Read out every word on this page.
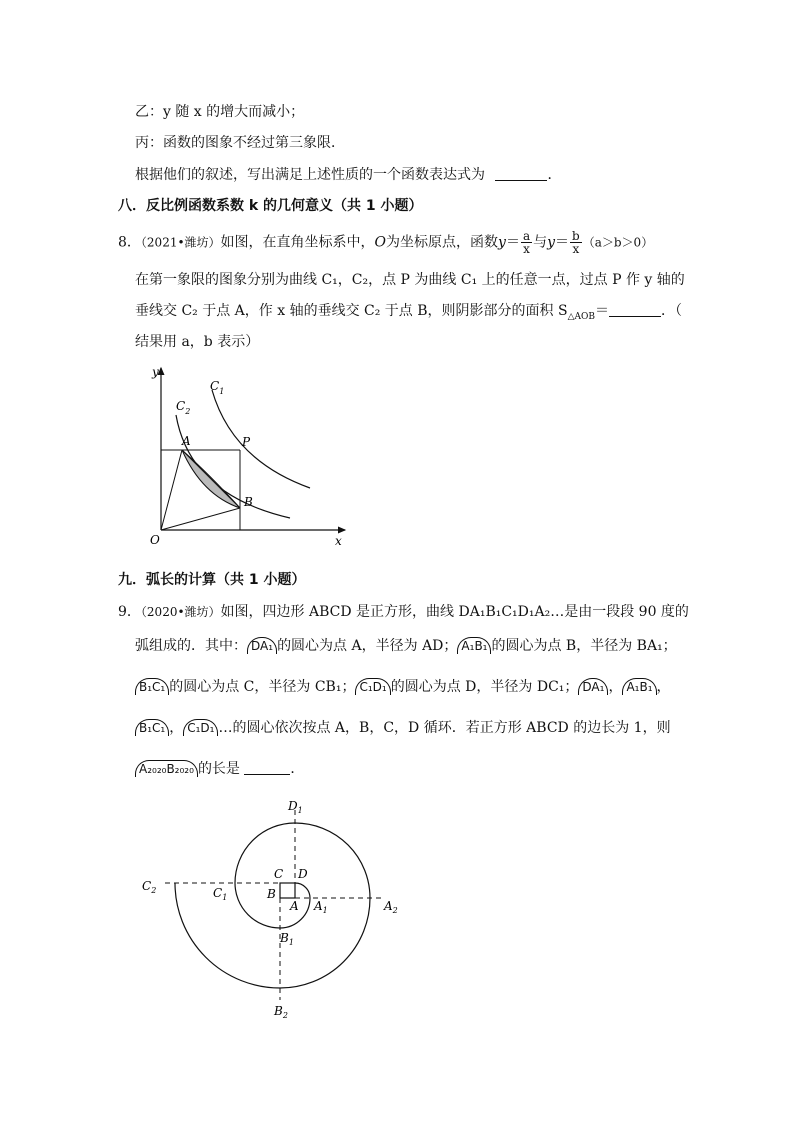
乙：y 随 x 的增大而减小；
丙：函数的图象不经过第三象限．
根据他们的叙述，写出满足上述性质的一个函数表达式为	．
八．反比例函数系数 k 的几何意义（共 1 小题）
8．（2021•潍坊）如图，在直角坐标系中，O为坐标原点，函数$y= \frac{a}{x}$ 与$y= \frac{b}{x} (a>b>0)$
在第一象限的图象分别为曲线 C₁，C₂，点 P 为曲线 C₁ 上的任意一点，过点 P 作 y 轴的
垂线交 C₂ 于点 A，作 x 轴的垂线交 C₂ 于点 B，则阴影部分的面积 $S_{\triangle AOB}=$	．（
结果用 a，b 表示）
y
x
O
A
B
P
$C_1$
$C_2$
九．弧长的计算（共 1 小题）
9．（2020•潍坊）如图，四边形 ABCD 是正方形，曲线 DA₁B₁C₁D₁A₂…是由一段段 90 度的
弧组成的．其中： DA₁ 的圆心为点 A，半径为 AD； A₁B₁ 的圆心为点 B，半径为 BA₁；
B₁C₁ 的圆心为点 C，半径为 CB₁； C₁D₁ 的圆心为点 D，半径为 DC₁； DA₁ ， A₁B₁ ，
B₁C₁ ， C₁D₁ …的圆心依次按点 A，B，C，D 循环．若正方形 ABCD 的边长为 1，则
A₂₀₂₀B₂₀₂₀ 的长是	．
C D
B
A $A_1$
$B_1$
$C_1$
$D_1$
$A_2$
$B_2$
$C_2$
